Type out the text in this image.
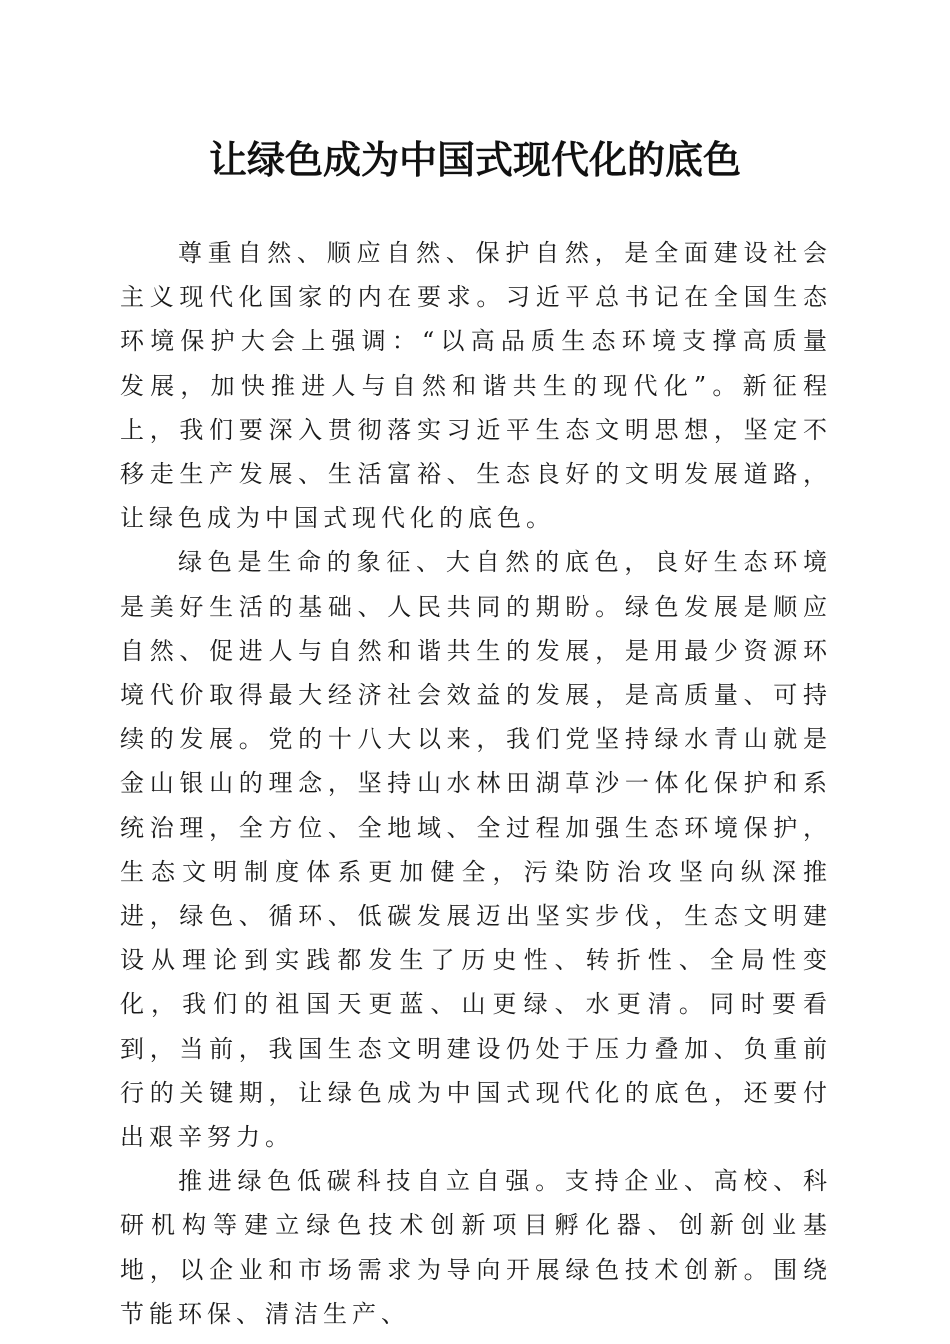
让绿色成为中国式现代化的底色

尊重自然、顺应自然、保护自然，是全面建设社会主义现代化国家的内在要求。习近平总书记在全国生态环境保护大会上强调：“以高品质生态环境支撑高质量发展，加快推进人与自然和谐共生的现代化”。新征程上，我们要深入贯彻落实习近平生态文明思想，坚定不移走生产发展、生活富裕、生态良好的文明发展道路，让绿色成为中国式现代化的底色。

绿色是生命的象征、大自然的底色，良好生态环境是美好生活的基础、人民共同的期盼。绿色发展是顺应自然、促进人与自然和谐共生的发展，是用最少资源环境代价取得最大经济社会效益的发展，是高质量、可持续的发展。党的十八大以来，我们党坚持绿水青山就是金山银山的理念，坚持山水林田湖草沙一体化保护和系统治理，全方位、全地域、全过程加强生态环境保护，生态文明制度体系更加健全，污染防治攻坚向纵深推进，绿色、循环、低碳发展迈出坚实步伐，生态文明建设从理论到实践都发生了历史性、转折性、全局性变化，我们的祖国天更蓝、山更绿、水更清。同时要看到，当前，我国生态文明建设仍处于压力叠加、负重前行的关键期，让绿色成为中国式现代化的底色，还要付出艰辛努力。

推进绿色低碳科技自立自强。支持企业、高校、科研机构等建立绿色技术创新项目孵化器、创新创业基地，以企业和市场需求为导向开展绿色技术创新。围绕节能环保、清洁生产、
